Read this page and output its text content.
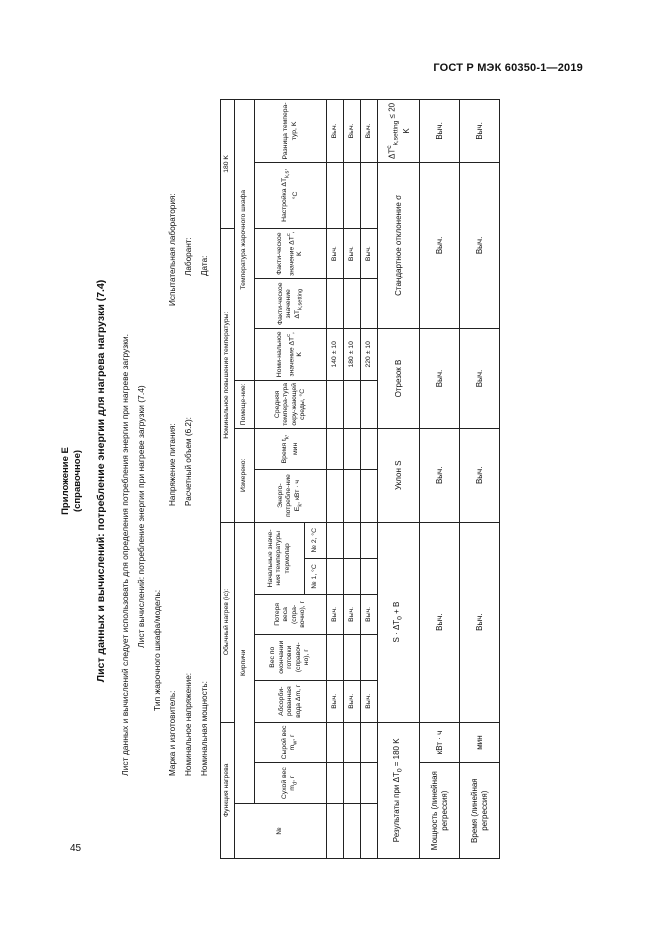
ГОСТ Р МЭК 60350-1—2019
45
Приложение Е (справочное) Лист данных и вычислений: потребление энергии для нагрева нагрузки (7.4) Лист данных и вычислений следует использовать для определения потребления энергии при нагреве загрузки. Лист вычислений: потребление энергии при нагреве загрузки (7.4)
Тип жарочного шкафа/модель:
Марка и изготовитель:
Напряжение питания:
Испытательная лаборатория:
Номинальное напряжение:
Расчетный объем (6.2):
Лаборант:
Номинальная мощность:
Дата:
Функция нагрева			Обычный нагрев (ic):					Номинальное повышение температуры:						180 K	
№	Кирпичи							Измерено:		Помеще-ние:	Температура жарочного шкафа				
	Сухой вес $m_d$, г	Сырой вес $m_w$, г	Абсорби-рованная вода Δm, г	Вес по окончании готовки (справоч-но), г	Потеря веса (спра-вочно), г	Начальные значе-ния температуры термопар		Энерго-потребле-ние $E_k$, кВт · ч	Время $t_k$, мин	Средняя темпера-тура окру-жающей среды, °С	Номи-нальное значение $\Delta T^c$, K	Факти-ческое значение $\Delta T_{k,setting}$	Факти-ческое значение $\Delta T^c$, K	Настройка $\Delta T_{k,s}$, °С	Разница темпера-тур, K
						№ 1, °С	№ 2, °С								
			Выч.		Выч.						140 ± 10		Выч.		Выч.
			Выч.		Выч.						180 ± 10		Выч.		Выч.
			Выч.		Выч.						220 ± 10		Выч.		Выч.
Результаты при $\Delta T_0 = 180$ K			$S \cdot \Delta T_0 + B$					Уклон S		Отрезок B		Стандартное отклонение σ			$\Delta T^c_{k,setting} \le 20$ K
Мощность (линейная регрессия)		кВт · ч	Выч.					Выч.		Выч.		Выч.			Выч.
Время (линейная регрессия)		мин	Выч.					Выч.		Выч.		Выч.			Выч.
